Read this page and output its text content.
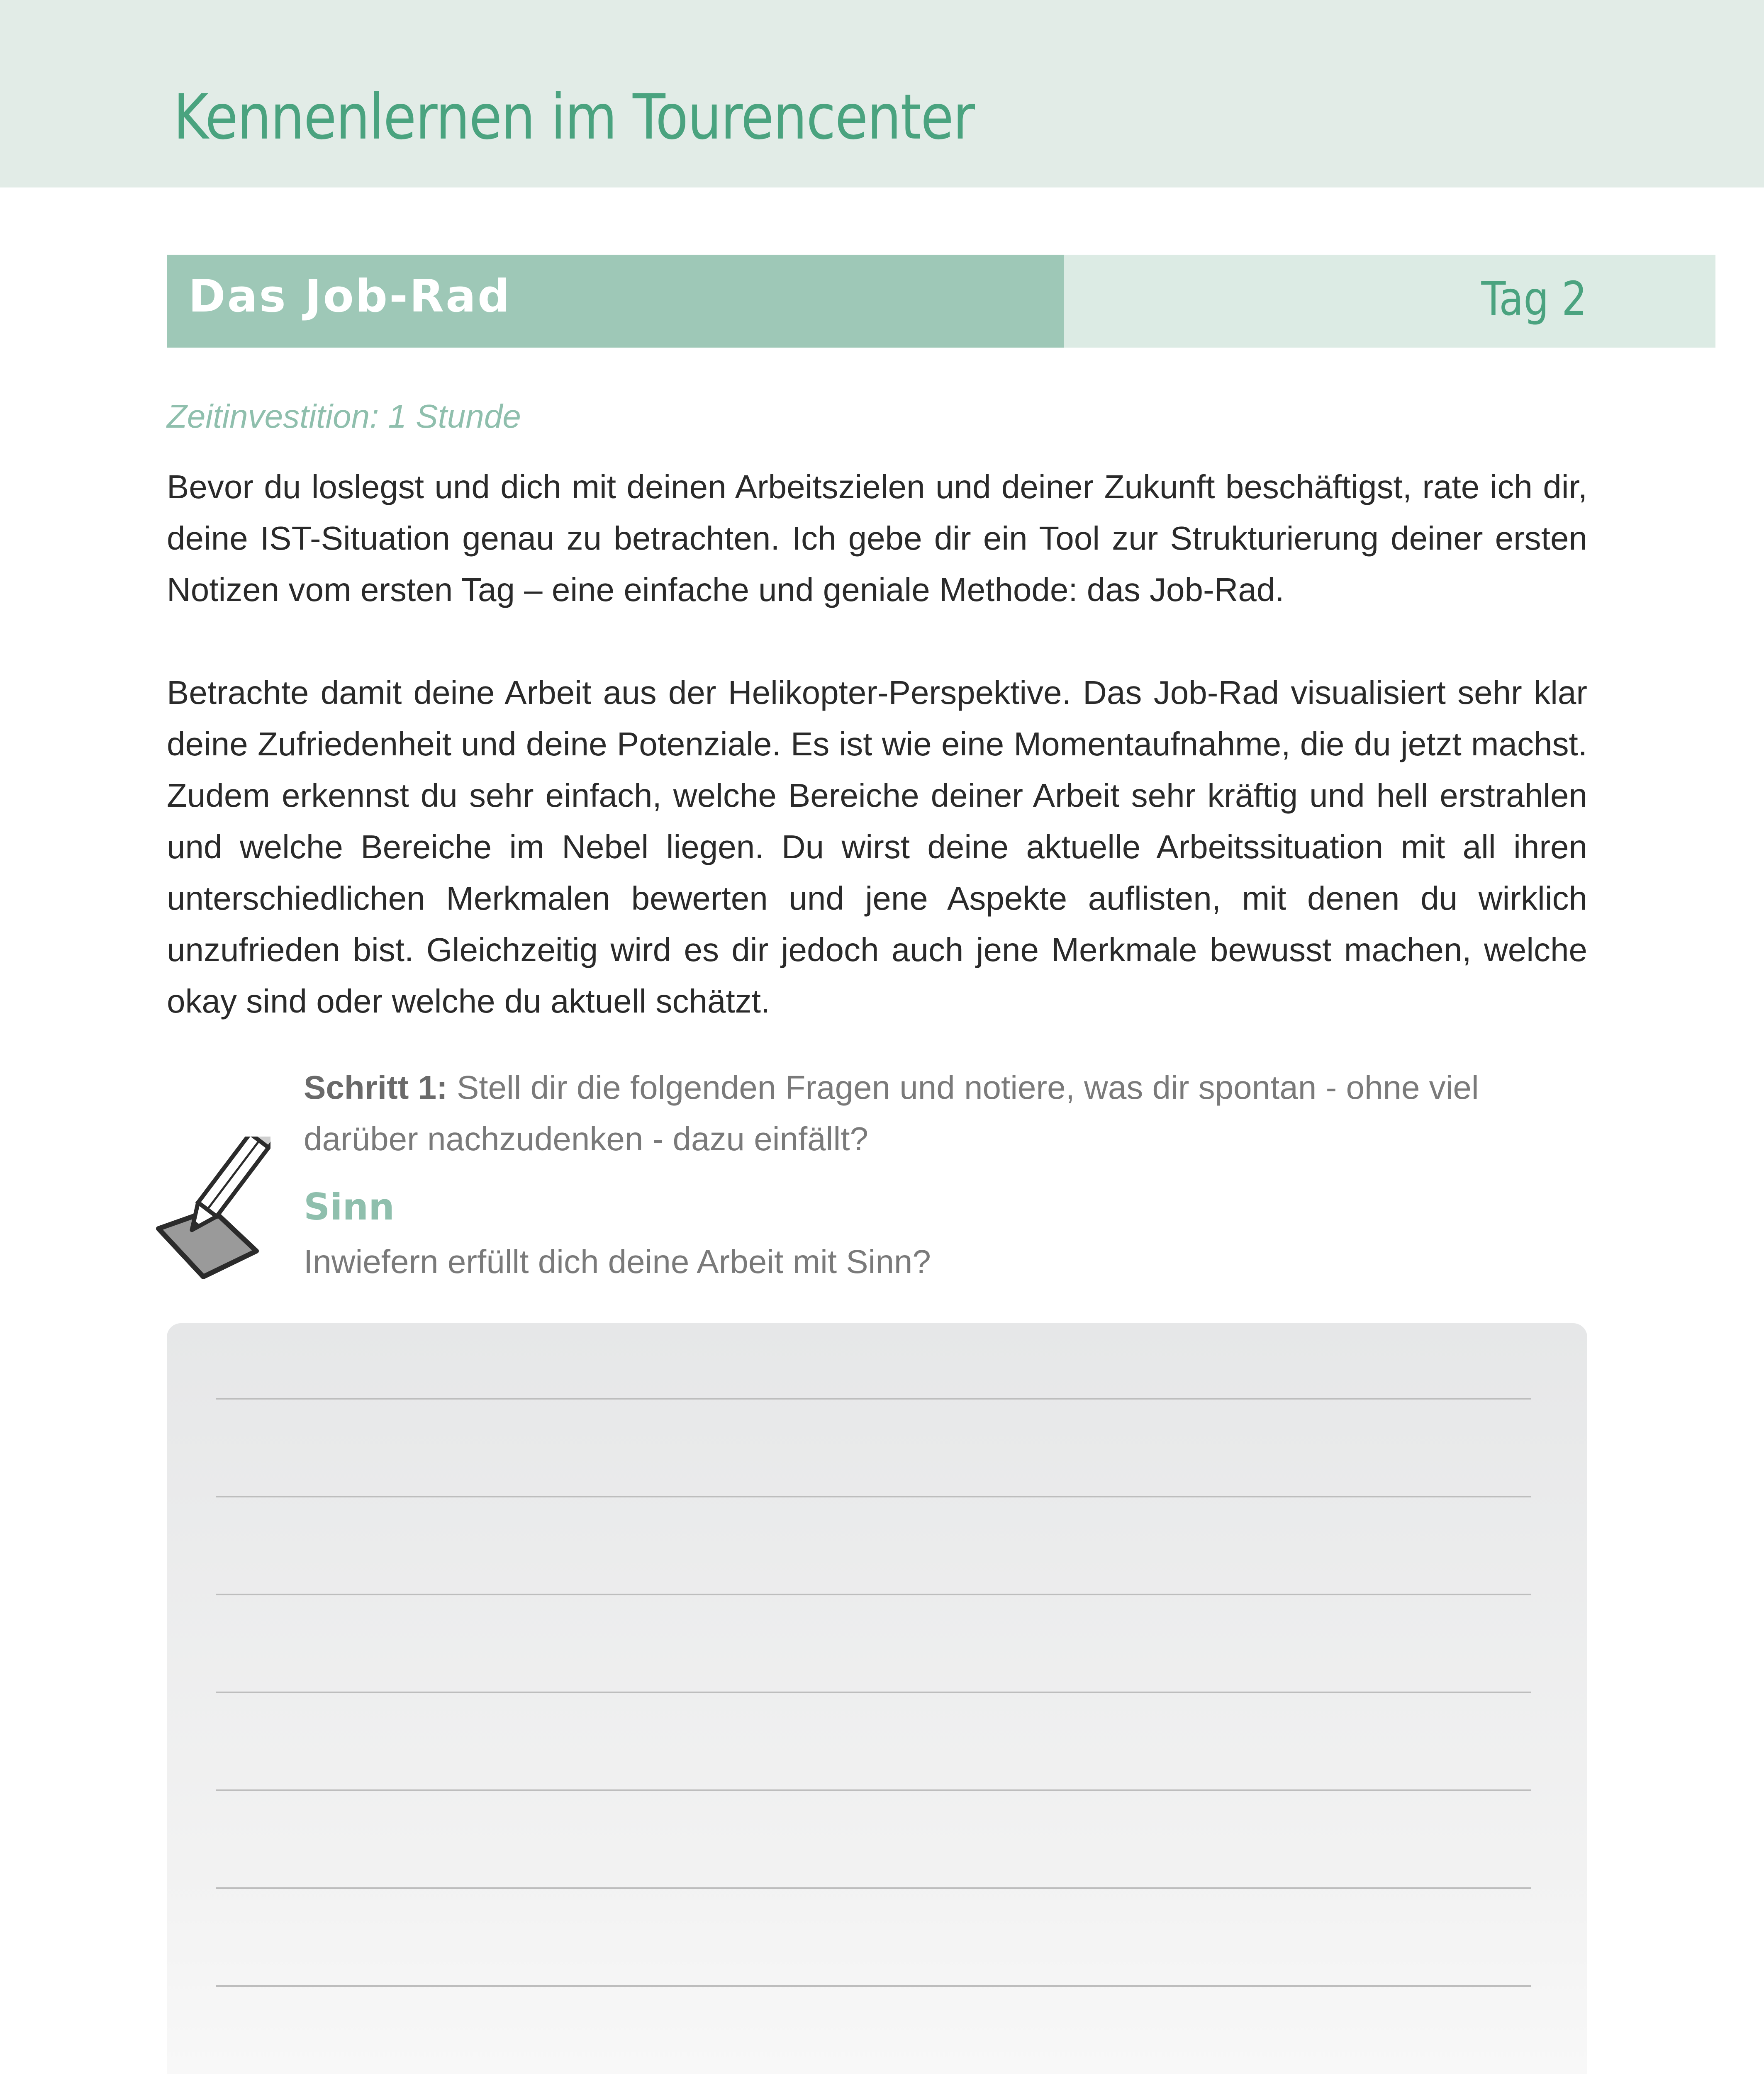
Kennenlernen im Tourencenter
Das Job-Rad	Tag 2
Zeitinvestition: 1 Stunde

Bevor du loslegst und dich mit deinen Arbeitszielen und deiner Zukunft beschäftigst, rate ich dir, deine IST-Situation genau zu betrachten. Ich gebe dir ein Tool zur Strukturierung deiner ersten Notizen vom ersten Tag – eine einfache und geniale Methode: das Job-Rad.

Betrachte damit deine Arbeit aus der Helikopter-Perspektive. Das Job-Rad visualisiert sehr klar deine Zufriedenheit und deine Potenziale. Es ist wie eine Momentaufnahme, die du jetzt machst. Zudem erkennst du sehr einfach, welche Bereiche deiner Arbeit sehr kräftig und hell erstrahlen und welche Bereiche im Nebel liegen. Du wirst deine aktuelle Arbeitssituation mit all ihren unterschiedlichen Merkmalen bewerten und jene Aspekte auflisten, mit denen du wirklich unzufrieden bist. Gleichzeitig wird es dir jedoch auch jene Merkmale bewusst machen, welche okay sind oder welche du aktuell schätzt.

Schritt 1: Stell dir die folgenden Fragen und notiere, was dir spontan - ohne viel darüber nachzudenken - dazu einfällt?

Sinn
Inwiefern erfüllt dich deine Arbeit mit Sinn?
